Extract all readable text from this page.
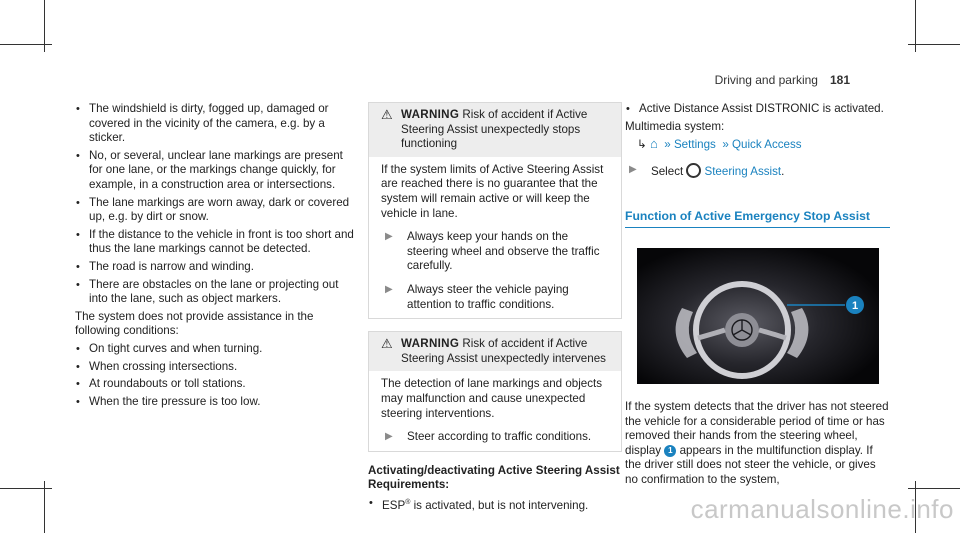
Driving and parking 181
• The windshield is dirty, fogged up, damaged or covered in the vicinity of the camera, e.g. by a sticker.
• No, or several, unclear lane markings are present for one lane, or the markings change quickly, for example, in a construction area or intersections.
• The lane markings are worn away, dark or covered up, e.g. by dirt or snow.
• If the distance to the vehicle in front is too short and thus the lane markings cannot be detected.
• The road is narrow and winding.
• There are obstacles on the lane or projecting out into the lane, such as object markers.

The system does not provide assistance in the following conditions:

• On tight curves and when turning.
• When crossing intersections.
• At roundabouts or toll stations.
• When the tire pressure is too low.
⚠
WARNING Risk of accident if Active Steering Assist unexpectedly stops functioning

If the system limits of Active Steering Assist are reached there is no guarantee that the system will remain active or will keep the vehicle in lane.

▶	Always keep your hands on the steering wheel and observe the traffic carefully.
▶	Always steer the vehicle paying attention to traffic conditions.
⚠
WARNING Risk of accident if Active Steering Assist unexpectedly intervenes

The detection of lane markings and objects may malfunction and cause unexpected steering interventions.

▶	Steer according to traffic conditions.
Activating/deactivating Active Steering Assist
Requirements:
• ESP® is activated, but is not intervening.
• Active Distance Assist DISTRONIC is activated.

Multimedia system:

↳ ⌂ » Settings » Quick Access

▶	Select Steering Assist.
Function of Active Emergency Stop Assist
1

If the system detects that the driver has not steered the vehicle for a considerable period of time or has removed their hands from the steering wheel, display 1 appears in the multifunction display. If the driver still does not steer the vehicle, or gives no confirmation to the system,

carmanualsonline.info
